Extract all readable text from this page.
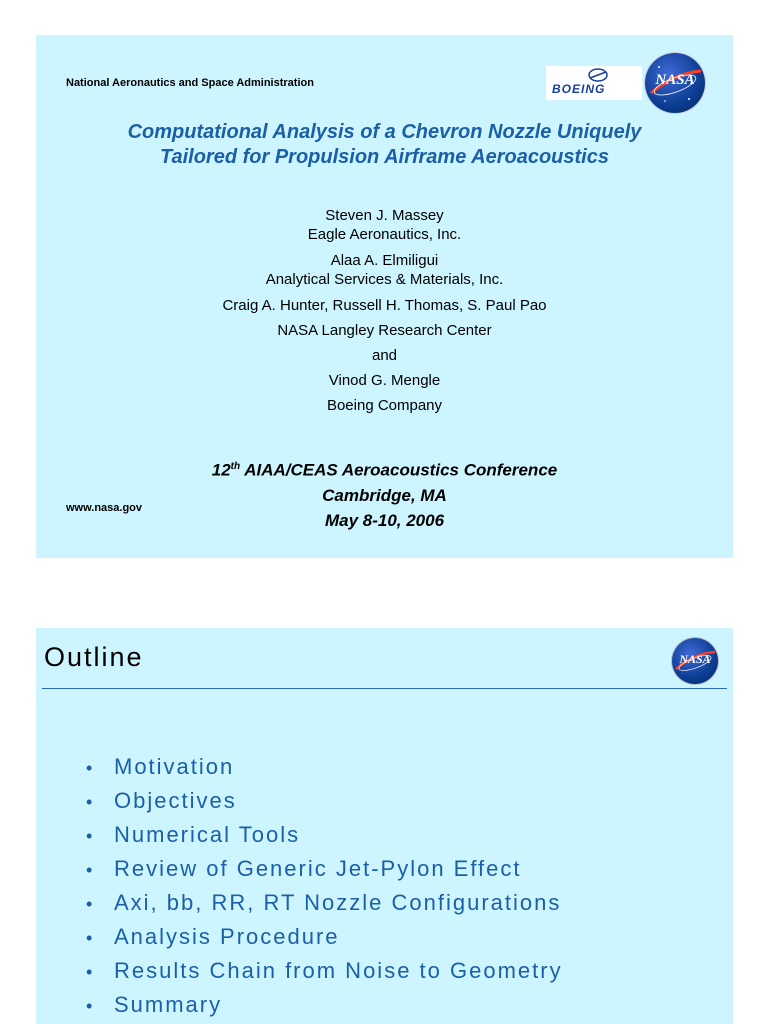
National Aeronautics and Space Administration	BOEING
NASA
Computational Analysis of a Chevron Nozzle Uniquely
Tailored for Propulsion Airframe Aeroacoustics
Steven J. Massey
Eagle Aeronautics, Inc.
Alaa A. Elmiligui
Analytical Services & Materials, Inc.
Craig A. Hunter, Russell H. Thomas, S. Paul Pao
NASA Langley Research Center
and
Vinod G. Mengle
Boeing Company
12th AIAA/CEAS Aeroacoustics Conference
Cambridge, MA
May 8-10, 2006
www.nasa.gov
Outline	NASA
• Motivation
• Objectives
• Numerical Tools
• Review of Generic Jet-Pylon Effect
• Axi, bb, RR, RT Nozzle Configurations
• Analysis Procedure
• Results Chain from Noise to Geometry
• Summary
